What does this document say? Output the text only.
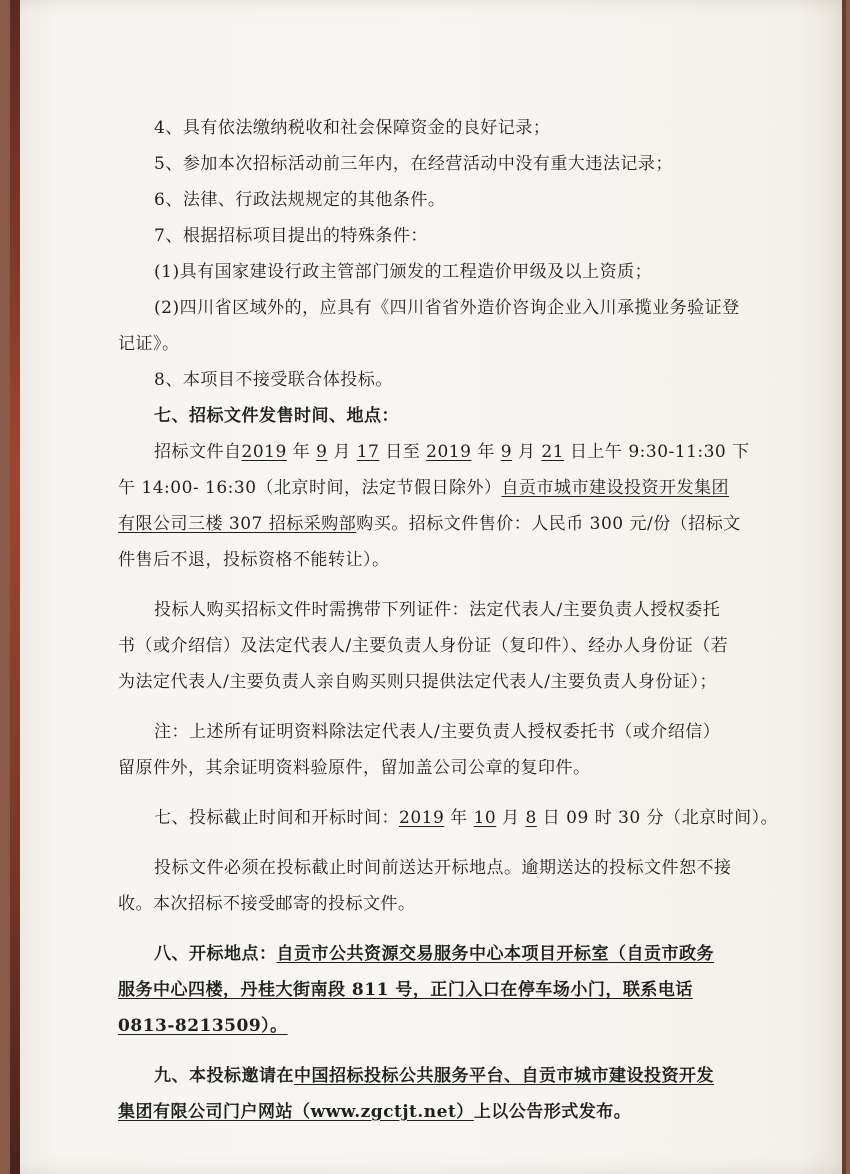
4、具有依法缴纳税收和社会保障资金的良好记录；
5、参加本次招标活动前三年内，在经营活动中没有重大违法记录；
6、法律、行政法规规定的其他条件。
7、根据招标项目提出的特殊条件：
(1)具有国家建设行政主管部门颁发的工程造价甲级及以上资质；
(2)四川省区域外的，应具有《四川省省外造价咨询企业入川承揽业务验证登
记证》。
8、本项目不接受联合体投标。
七、招标文件发售时间、地点：
招标文件自2019 年 9 月 17 日至 2019 年 9 月 21 日上午 9:30-11:30 下
午 14:00- 16:30（北京时间，法定节假日除外）自贡市城市建设投资开发集团
有限公司三楼 307 招标采购部购买。招标文件售价：人民币 300 元/份（招标文
件售后不退，投标资格不能转让）。
投标人购买招标文件时需携带下列证件：法定代表人/主要负责人授权委托
书（或介绍信）及法定代表人/主要负责人身份证（复印件）、经办人身份证（若
为法定代表人/主要负责人亲自购买则只提供法定代表人/主要负责人身份证）；
注：上述所有证明资料除法定代表人/主要负责人授权委托书（或介绍信）
留原件外，其余证明资料验原件，留加盖公司公章的复印件。
七、投标截止时间和开标时间：2019 年 10 月 8 日 09 时 30 分（北京时间）。
投标文件必须在投标截止时间前送达开标地点。逾期送达的投标文件恕不接
收。本次招标不接受邮寄的投标文件。
八、开标地点：自贡市公共资源交易服务中心本项目开标室（自贡市政务
服务中心四楼，丹桂大街南段 811 号，正门入口在停车场小门，联系电话
0813-8213509）。
九、本投标邀请在中国招标投标公共服务平台、自贡市城市建设投资开发
集团有限公司门户网站（www.zgctjt.net）上以公告形式发布。
